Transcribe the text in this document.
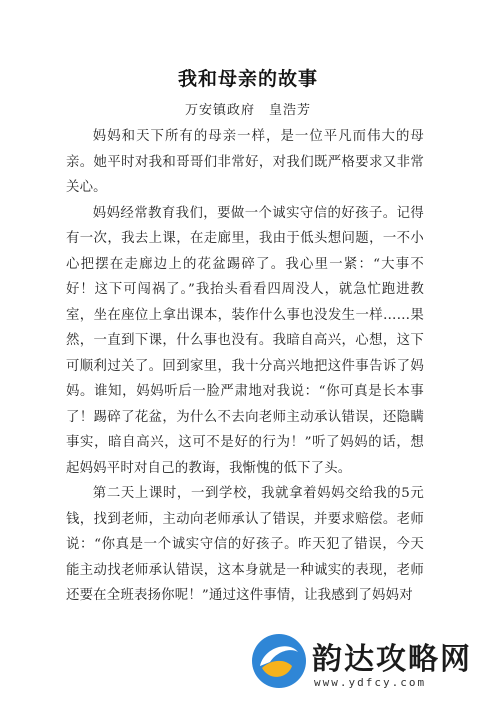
我和母亲的故事
万安镇政府 皇浩芳

妈妈和天下所有的母亲一样，是一位平凡而伟大的母亲。她平时对我和哥哥们非常好，对我们既严格要求又非常关心。

妈妈经常教育我们，要做一个诚实守信的好孩子。记得有一次，我去上课，在走廊里，我由于低头想问题，一不小心把摆在走廊边上的花盆踢碎了。我心里一紧：“大事不好！这下可闯祸了。”我抬头看看四周没人，就急忙跑进教室，坐在座位上拿出课本，装作什么事也没发生一样……果然，一直到下课，什么事也没有。我暗自高兴，心想，这下可顺利过关了。回到家里，我十分高兴地把这件事告诉了妈妈。谁知，妈妈听后一脸严肃地对我说：“你可真是长本事了！踢碎了花盆，为什么不去向老师主动承认错误，还隐瞒事实，暗自高兴，这可不是好的行为！”听了妈妈的话，想起妈妈平时对自己的教诲，我惭愧的低下了头。

第二天上课时，一到学校，我就拿着妈妈交给我的5元钱，找到老师，主动向老师承认了错误，并要求赔偿。老师说：“你真是一个诚实守信的好孩子。昨天犯了错误，今天能主动找老师承认错误，这本身就是一种诚实的表现，老师还要在全班表扬你呢！”通过这件事情，让我感到了妈妈对

韵达攻略网
www.ydfcy.com
